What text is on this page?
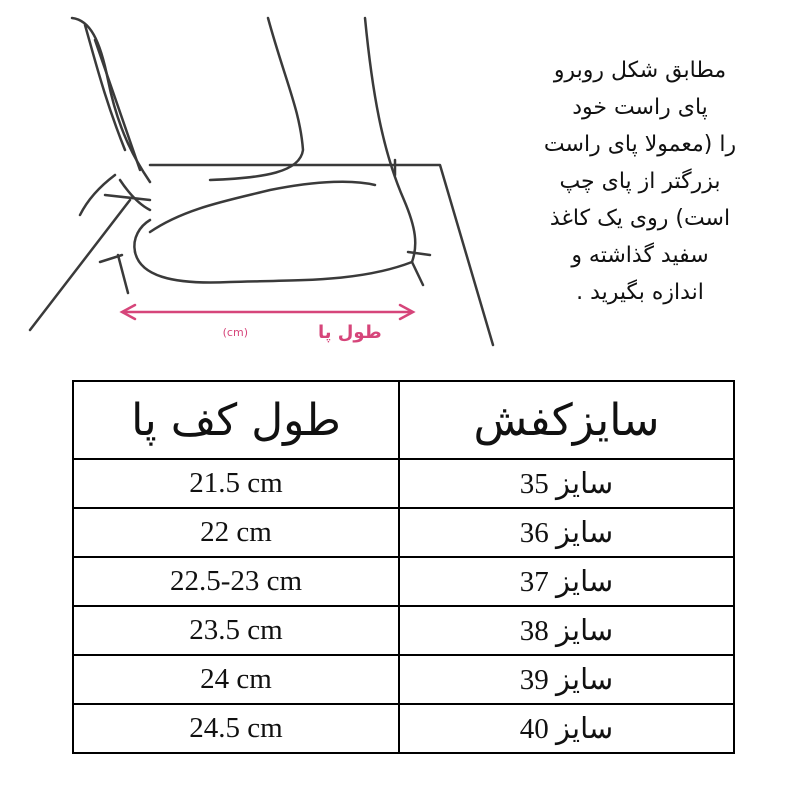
طول پا
(cm)
مطابق شکل روبرو
پای راست خود
را (معمولا پای راست
بزرگتر از پای چپ
است) روی یک کاغذ
سفید گذاشته و
اندازه بگیرید .
طول کف پا	سایزکفش
21.5 cm	سایز 35
22 cm	سایز 36
22.5-23 cm	سایز 37
23.5 cm	سایز 38
24 cm	سایز 39
24.5 cm	سایز 40
